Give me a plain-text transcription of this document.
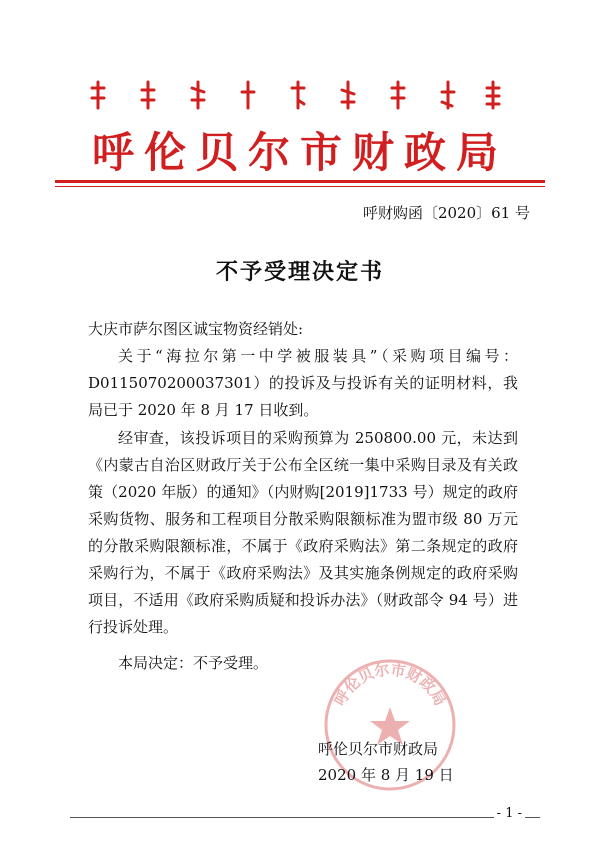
呼伦贝尔市财政局
呼财购函〔2020〕61 号
不予受理决定书
大庆市萨尔图区诚宝物资经销处:
关于“海拉尔第一中学被服装具”（采购项目编号：D0115070200037301）的投诉及与投诉有关的证明材料，我局已于 2020 年 8 月 17 日收到。
经审查，该投诉项目的采购预算为 250800.00 元，未达到《内蒙古自治区财政厅关于公布全区统一集中采购目录及有关政策（2020 年版）的通知》（内财购[2019]1733 号）规定的政府采购货物、服务和工程项目分散采购限额标准为盟市级 80 万元的分散采购限额标准，不属于《政府采购法》第二条规定的政府采购行为，不属于《政府采购法》及其实施条例规定的政府采购项目，不适用《政府采购质疑和投诉办法》（财政部令 94 号）进行投诉处理。
本局决定：不予受理。
呼伦贝尔市财政局
呼伦贝尔市财政局
2020 年 8 月 19 日
- 1 -
